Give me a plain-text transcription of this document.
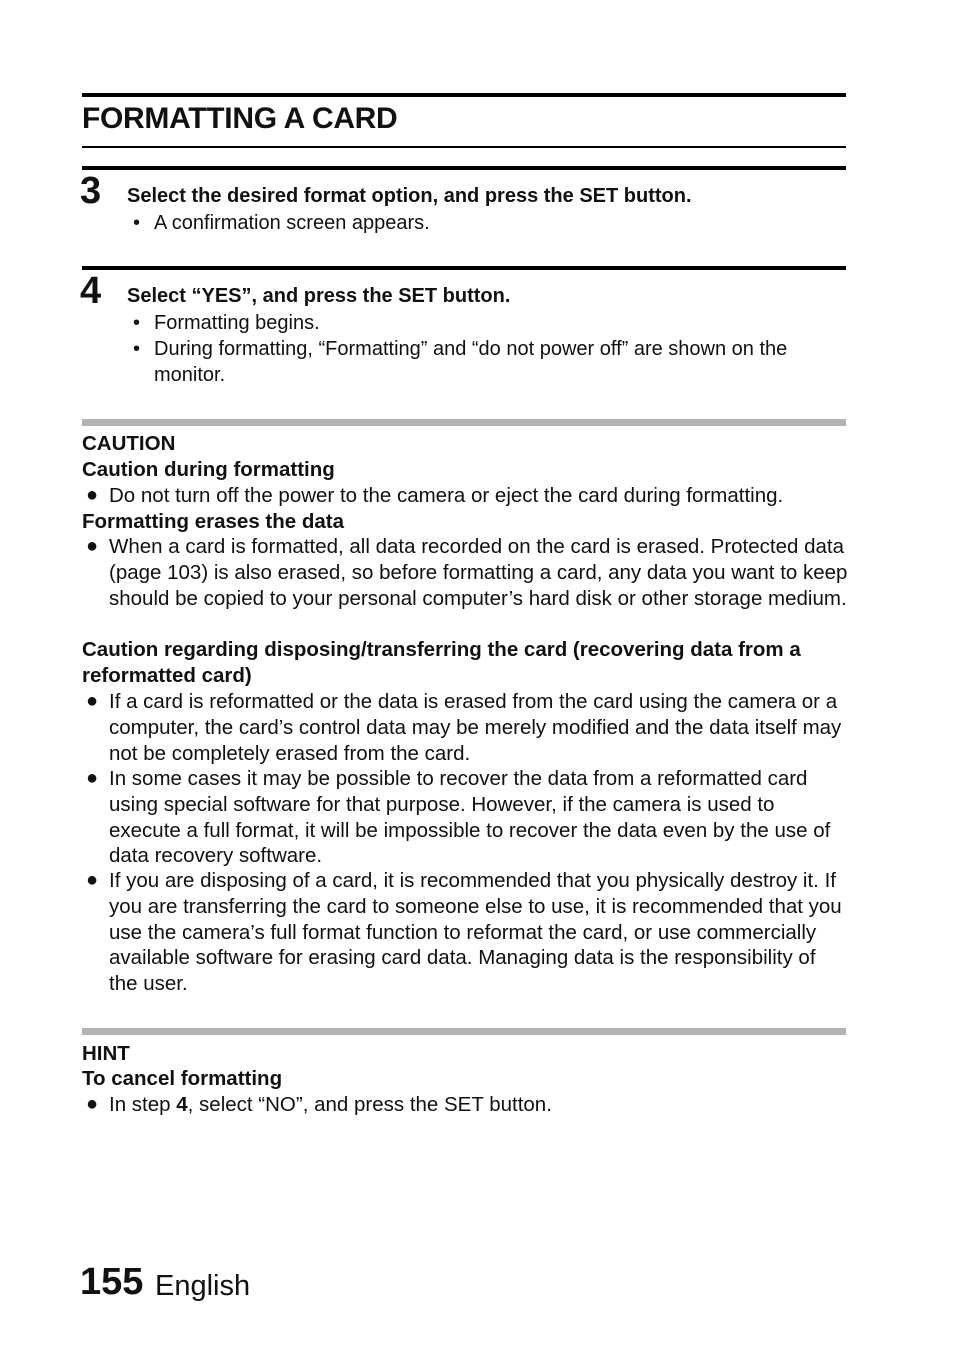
FORMATTING A CARD
3 Select the desired format option, and press the SET button.
• A confirmation screen appears.
4 Select “YES”, and press the SET button.
• Formatting begins.
• During formatting, “Formatting” and “do not power off” are shown on the monitor.
CAUTION
Caution during formatting
● Do not turn off the power to the camera or eject the card during formatting.
Formatting erases the data
● When a card is formatted, all data recorded on the card is erased. Protected data (page 103) is also erased, so before formatting a card, any data you want to keep should be copied to your personal computer’s hard disk or other storage medium.
Caution regarding disposing/transferring the card (recovering data from a reformatted card)
● If a card is reformatted or the data is erased from the card using the camera or a computer, the card’s control data may be merely modified and the data itself may not be completely erased from the card.
● In some cases it may be possible to recover the data from a reformatted card using special software for that purpose. However, if the camera is used to execute a full format, it will be impossible to recover the data even by the use of data recovery software.
● If you are disposing of a card, it is recommended that you physically destroy it. If you are transferring the card to someone else to use, it is recommended that you use the camera’s full format function to reformat the card, or use commercially available software for erasing card data. Managing data is the responsibility of the user.
HINT
To cancel formatting
● In step 4, select “NO”, and press the SET button.
155 English
